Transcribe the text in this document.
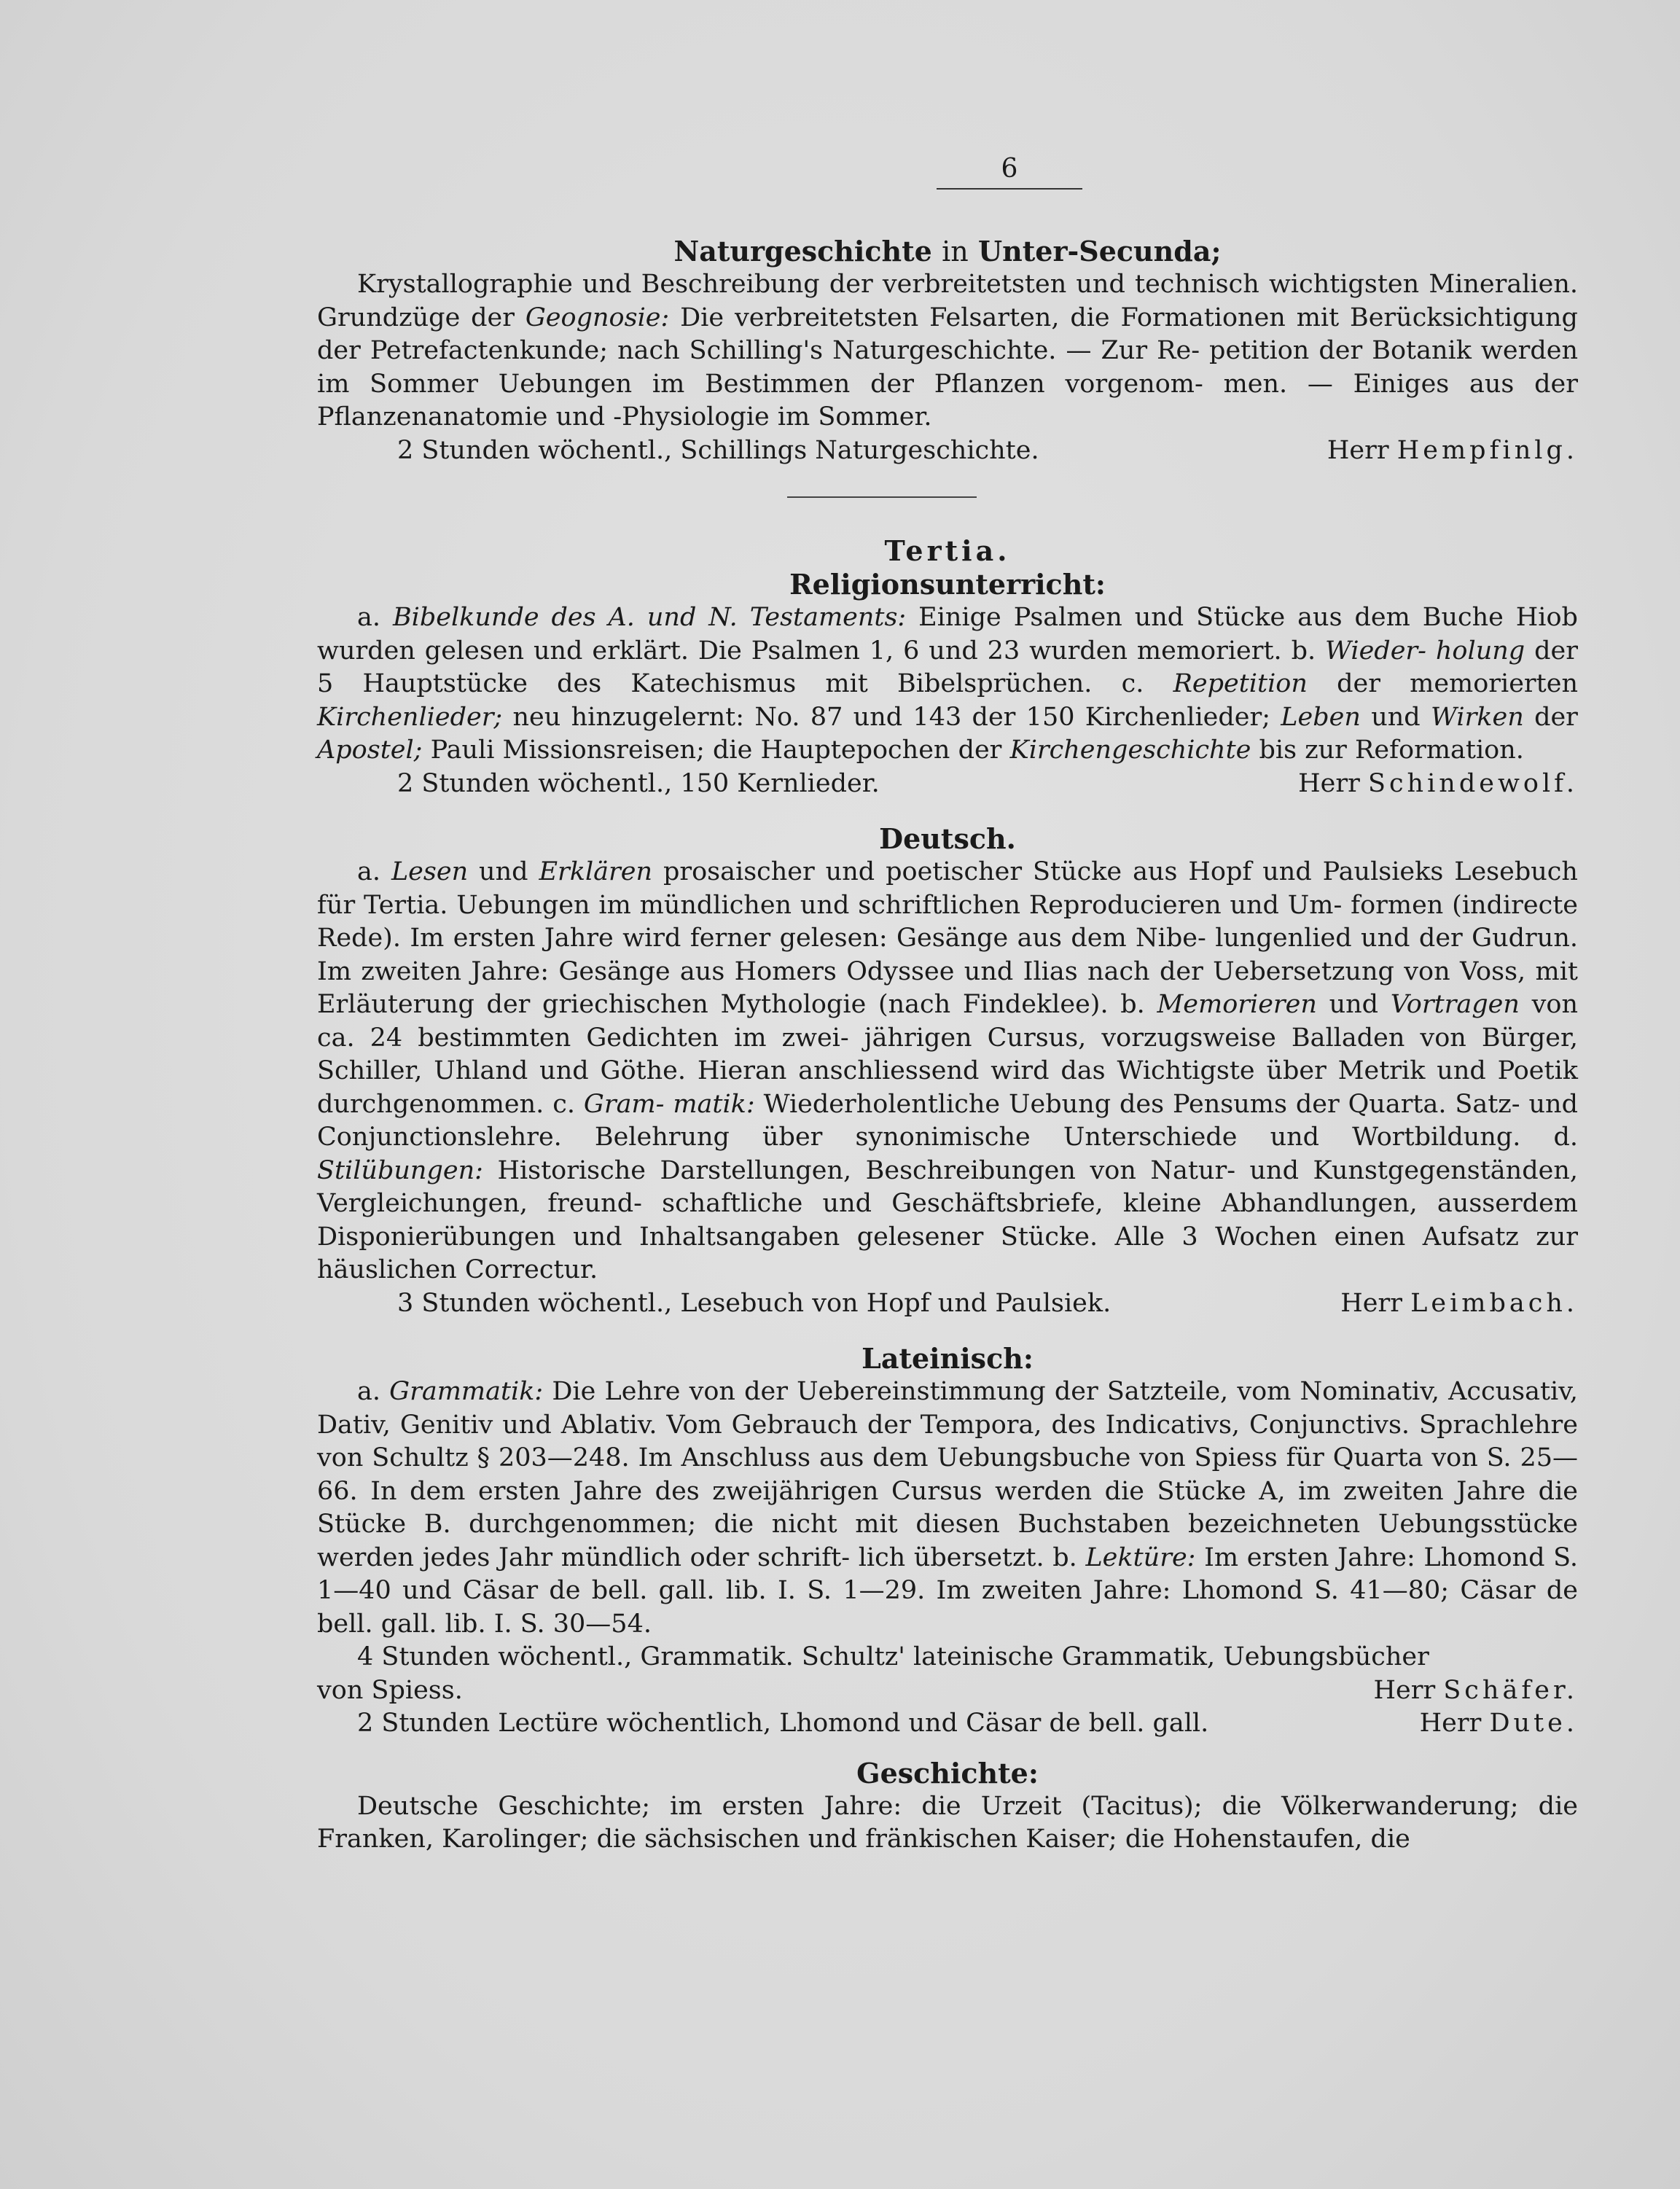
6
Naturgeschichte in Unter-Secunda;

Krystallographie und Beschreibung der verbreitetsten und technisch wichtigsten Mineralien. Grundzüge der Geognosie: Die verbreitetsten Felsarten, die Formationen mit Berücksichtigung der Petrefactenkunde; nach Schilling's Naturgeschichte. — Zur Re- petition der Botanik werden im Sommer Uebungen im Bestimmen der Pflanzen vorgenom- men. — Einiges aus der Pflanzenanatomie und -Physiologie im Sommer.

2 Stunden wöchentl., Schillings Naturgeschichte.	Herr Hempfinlg.
Tertia.
Religionsunterricht:

a. Bibelkunde des A. und N. Testaments: Einige Psalmen und Stücke aus dem Buche Hiob wurden gelesen und erklärt. Die Psalmen 1, 6 und 23 wurden memoriert. b. Wieder- holung der 5 Hauptstücke des Katechismus mit Bibelsprüchen. c. Repetition der memorierten Kirchenlieder; neu hinzugelernt: No. 87 und 143 der 150 Kirchenlieder; Leben und Wirken der Apostel; Pauli Missionsreisen; die Hauptepochen der Kirchengeschichte bis zur Reformation.

2 Stunden wöchentl., 150 Kernlieder.	Herr Schindewolf.
Deutsch.

a. Lesen und Erklären prosaischer und poetischer Stücke aus Hopf und Paulsieks Lesebuch für Tertia. Uebungen im mündlichen und schriftlichen Reproducieren und Um- formen (indirecte Rede). Im ersten Jahre wird ferner gelesen: Gesänge aus dem Nibe- lungenlied und der Gudrun. Im zweiten Jahre: Gesänge aus Homers Odyssee und Ilias nach der Uebersetzung von Voss, mit Erläuterung der griechischen Mythologie (nach Findeklee). b. Memorieren und Vortragen von ca. 24 bestimmten Gedichten im zwei- jährigen Cursus, vorzugsweise Balladen von Bürger, Schiller, Uhland und Göthe. Hieran anschliessend wird das Wichtigste über Metrik und Poetik durchgenommen. c. Gram- matik: Wiederholentliche Uebung des Pensums der Quarta. Satz- und Conjunctionslehre. Belehrung über synonimische Unterschiede und Wortbildung. d. Stilübungen: Historische Darstellungen, Beschreibungen von Natur- und Kunstgegenständen, Vergleichungen, freund- schaftliche und Geschäftsbriefe, kleine Abhandlungen, ausserdem Disponierübungen und Inhaltsangaben gelesener Stücke. Alle 3 Wochen einen Aufsatz zur häuslichen Correctur.

3 Stunden wöchentl., Lesebuch von Hopf und Paulsiek.	Herr Leimbach.
Lateinisch:

a. Grammatik: Die Lehre von der Uebereinstimmung der Satzteile, vom Nominativ, Accusativ, Dativ, Genitiv und Ablativ. Vom Gebrauch der Tempora, des Indicativs, Conjunctivs. Sprachlehre von Schultz § 203—248. Im Anschluss aus dem Uebungsbuche von Spiess für Quarta von S. 25—66. In dem ersten Jahre des zweijährigen Cursus werden die Stücke A, im zweiten Jahre die Stücke B. durchgenommen; die nicht mit diesen Buchstaben bezeichneten Uebungsstücke werden jedes Jahr mündlich oder schrift- lich übersetzt. b. Lektüre: Im ersten Jahre: Lhomond S. 1—40 und Cäsar de bell. gall. lib. I. S. 1—29. Im zweiten Jahre: Lhomond S. 41—80; Cäsar de bell. gall. lib. I. S. 30—54.

4 Stunden wöchentl., Grammatik. Schultz' lateinische Grammatik, Uebungsbücher

von Spiess.	Herr Schäfer.
2 Stunden Lectüre wöchentlich, Lhomond und Cäsar de bell. gall.	Herr Dute.
Geschichte:

Deutsche Geschichte; im ersten Jahre: die Urzeit (Tacitus); die Völkerwanderung; die Franken, Karolinger; die sächsischen und fränkischen Kaiser; die Hohenstaufen, die
